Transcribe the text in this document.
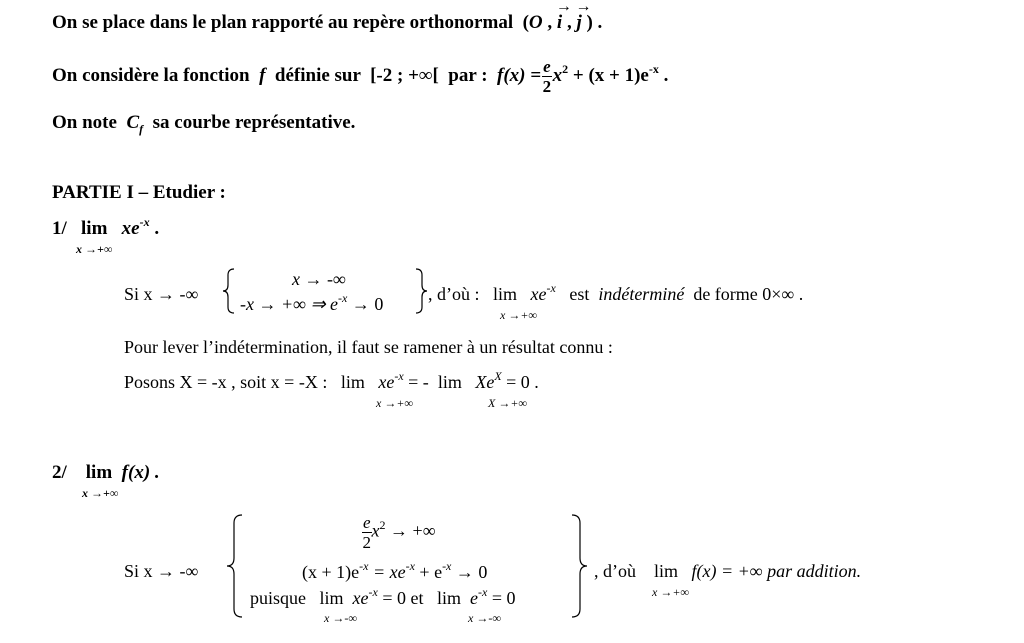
On se place dans le plan rapporté au repère orthonormal  (O , → i , → j ) .
On considère la fonction f définie sur [-2 ; +∞[ par : $f(x) = \frac{e}{2} x^2 + (x + 1)e^{-x}$ .
On note $C_f$ sa courbe représentative.
PARTIE I – Etudier :
1/ $\lim xe^{-x}$ .
x →+∞
Si x → -∞
x → -∞
-x → +∞ ⇒ $e^{-x} \to 0$ , d’où : $\lim xe^{-x}$ est indéterminé de forme 0×∞ .
x →+∞
Pour lever l’indétermination, il faut se ramener à un résultat connu :
Posons X = -x , soit x = -X : $\lim xe^{-x}$ = - $\lim Xe^X = 0$ .
x →+∞	X →+∞
2/ lim f(x) .
x →+∞
Si x → -∞
$\frac{e}{2} x^2$ → +∞
$(x + 1)e^{-x} = xe^{-x} + e^{-x} \to 0$
puisque $\lim xe^{-x} = 0$ et $\lim e^{-x} = 0$
x →-∞	x →-∞
, d’où lim f(x) = +∞ par addition.
x →+∞
